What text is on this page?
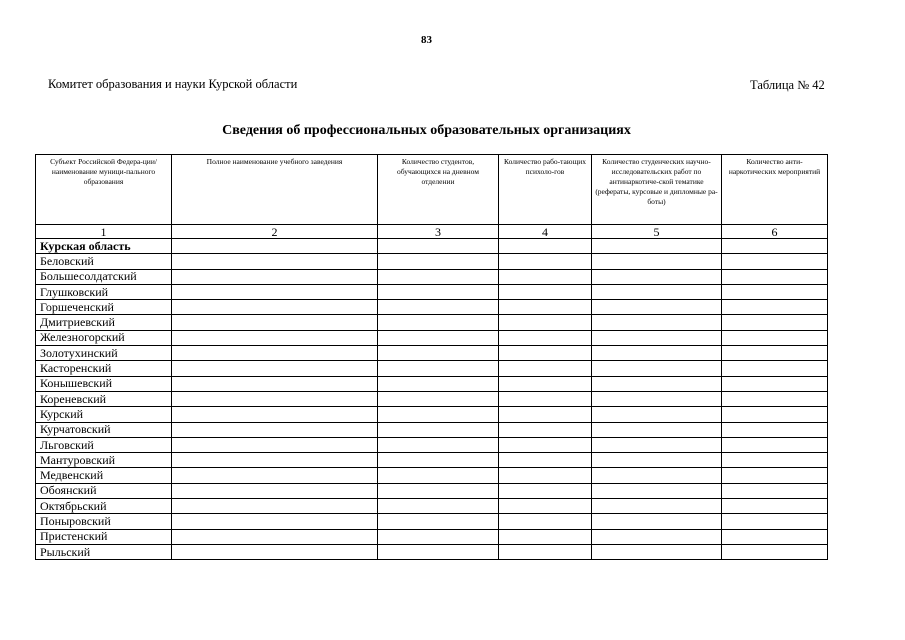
83
Комитет образования и науки Курской области	Таблица № 42
Сведения об профессиональных образовательных организациях
Субъект Российской Федера-ции/наименование муници-пального образования	Полное наименование учебного заведения	Количество студентов, обучающихся на дневном отделении	Количество рабо-тающих психоло-гов	Количество студенческих научно-исследовательских работ по антинаркотиче-ской тематике (рефераты, курсовые и дипломные ра-боты)	Количество анти-наркотических мероприятий

1	2	3	4	5	6
Курская область					
Беловский					
Большесолдатский					
Глушковский					
Горшеченский					
Дмитриевский					
Железногорский					
Золотухинский					
Касторенский					
Конышевский					
Кореневский					
Курский					
Курчатовский					
Льговский					
Мантуровский					
Медвенский					
Обоянский					
Октябрьский					
Поныровский					
Пристенский					
Рыльский					
